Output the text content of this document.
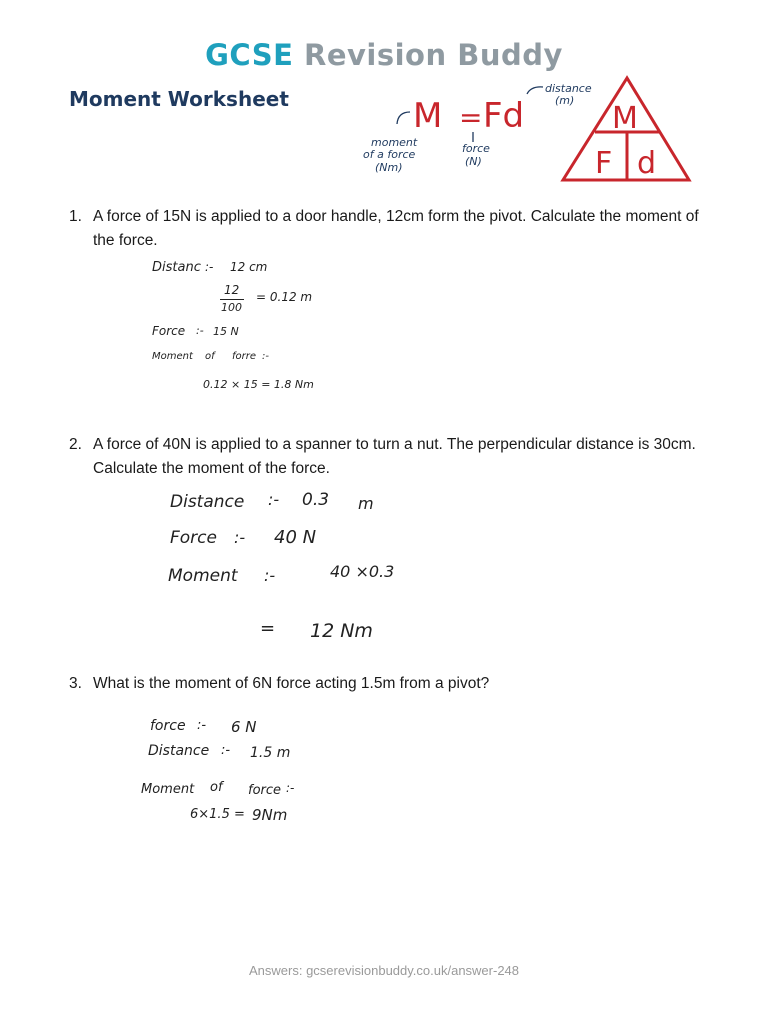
GCSE Revision Buddy
Moment Worksheet	M = Fd
moment
of a force
(Nm)
force
(N)
distance
(m)
M
F d
1. A force of 15N is applied to a door handle, 12cm form the pivot. Calculate the moment of the force.
Distanc :- 12 cm
12
100
= 0.12 m
Force :- 15 N
Moment of forre :-
0.12 × 15 = 1.8 Nm
2. A force of 40N is applied to a spanner to turn a nut. The perpendicular distance is 30cm. Calculate the moment of the force.
Distance :- 0.3 m
Force :- 40 N
Moment :-	40 ×0.3
= 12 Nm
3. What is the moment of 6N force acting 1.5m from a pivot?
force :- 6 N
Distance :- 1.5 m
Moment of force :-
6×1.5 = 9Nm
Answers: gcserevisionbuddy.co.uk/answer-248
